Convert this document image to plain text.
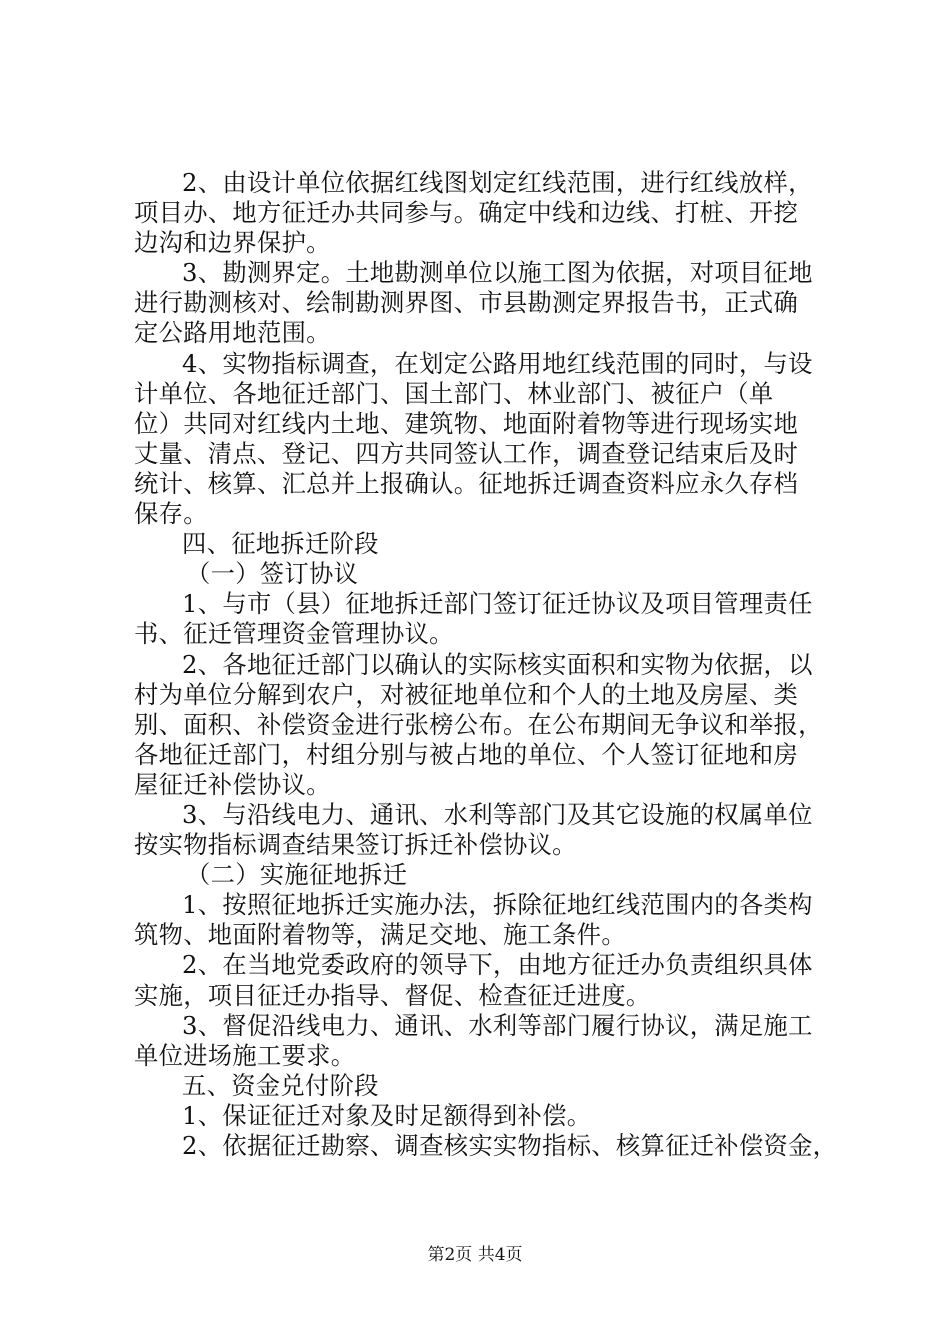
2、由设计单位依据红线图划定红线范围，进行红线放样，
项目办、地方征迁办共同参与。确定中线和边线、打桩、开挖
边沟和边界保护。
3、勘测界定。土地勘测单位以施工图为依据，对项目征地
进行勘测核对、绘制勘测界图、市县勘测定界报告书，正式确
定公路用地范围。
4、实物指标调查，在划定公路用地红线范围的同时，与设
计单位、各地征迁部门、国土部门、林业部门、被征户（单
位）共同对红线内土地、建筑物、地面附着物等进行现场实地
丈量、清点、登记、四方共同签认工作，调查登记结束后及时
统计、核算、汇总并上报确认。征地拆迁调查资料应永久存档
保存。
四、征地拆迁阶段
（一）签订协议
1、与市（县）征地拆迁部门签订征迁协议及项目管理责任
书、征迁管理资金管理协议。
2、各地征迁部门以确认的实际核实面积和实物为依据，以
村为单位分解到农户，对被征地单位和个人的土地及房屋、类
别、面积、补偿资金进行张榜公布。在公布期间无争议和举报，
各地征迁部门，村组分别与被占地的单位、个人签订征地和房
屋征迁补偿协议。
3、与沿线电力、通讯、水利等部门及其它设施的权属单位
按实物指标调查结果签订拆迁补偿协议。
（二）实施征地拆迁
1、按照征地拆迁实施办法，拆除征地红线范围内的各类构
筑物、地面附着物等，满足交地、施工条件。
2、在当地党委政府的领导下，由地方征迁办负责组织具体
实施，项目征迁办指导、督促、检查征迁进度。
3、督促沿线电力、通讯、水利等部门履行协议，满足施工
单位进场施工要求。
五、资金兑付阶段
1、保证征迁对象及时足额得到补偿。
2、依据征迁勘察、调查核实实物指标、核算征迁补偿资金，
第2页 共4页
